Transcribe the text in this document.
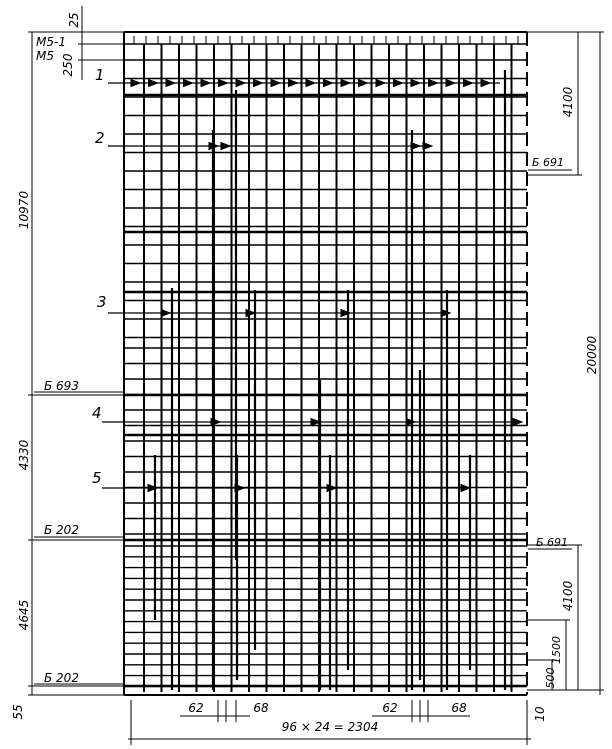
25
М5-1
М5 250
10970
4330
4645
55
Б 693
Б 202
Б 202
Б 691
Б 691
4100
20000
4100
1500
500
10
62	68	62	68
96 × 24 = 2304
1
2
3
4
5
